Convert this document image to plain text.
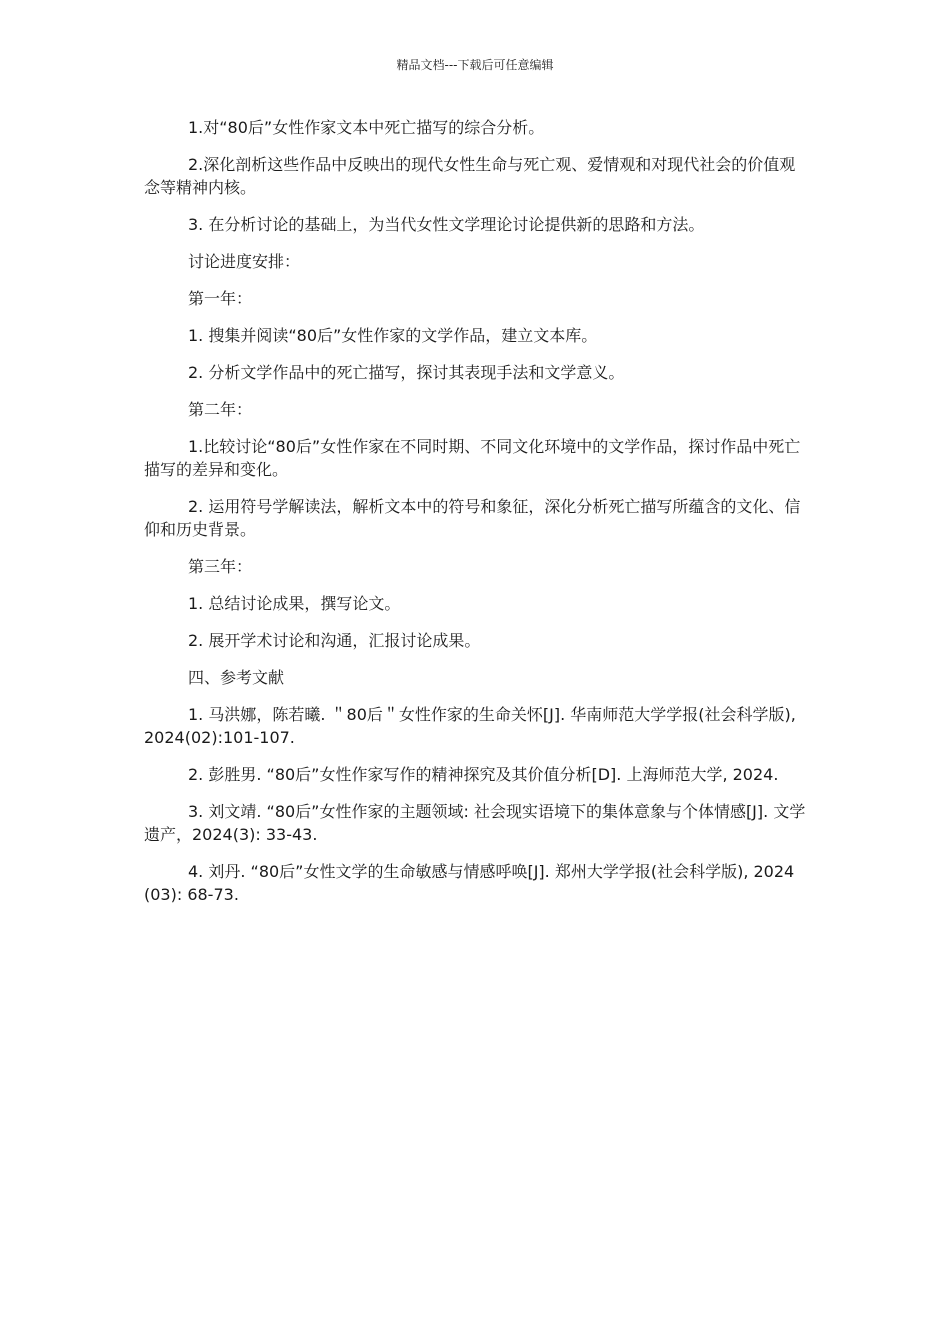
精品文档---下载后可任意编辑

1.对“80后”女性作家文本中死亡描写的综合分析。

2.深化剖析这些作品中反映出的现代女性生命与死亡观、爱情观和对现代社会的价值观念等精神内核。

3. 在分析讨论的基础上，为当代女性文学理论讨论提供新的思路和方法。

讨论进度安排：

第一年：

1. 搜集并阅读“80后”女性作家的文学作品，建立文本库。

2. 分析文学作品中的死亡描写，探讨其表现手法和文学意义。

第二年：

1.比较讨论“80后”女性作家在不同时期、不同文化环境中的文学作品，探讨作品中死亡描写的差异和变化。

2. 运用符号学解读法，解析文本中的符号和象征，深化分析死亡描写所蕴含的文化、信仰和历史背景。

第三年：

1. 总结讨论成果，撰写论文。

2. 展开学术讨论和沟通，汇报讨论成果。

四、参考文献

1. 马洪娜，陈若曦. ＂80后＂女性作家的生命关怀[J]. 华南师范大学学报(社会科学版), 2024(02):101-107.

2. 彭胜男. “80后”女性作家写作的精神探究及其价值分析[D]. 上海师范大学, 2024.

3. 刘文靖. “80后”女性作家的主题领域: 社会现实语境下的集体意象与个体情感[J]. 文学遗产，2024(3): 33-43.

4. 刘丹. “80后”女性文学的生命敏感与情感呼唤[J]. 郑州大学学报(社会科学版), 2024(03): 68-73.
